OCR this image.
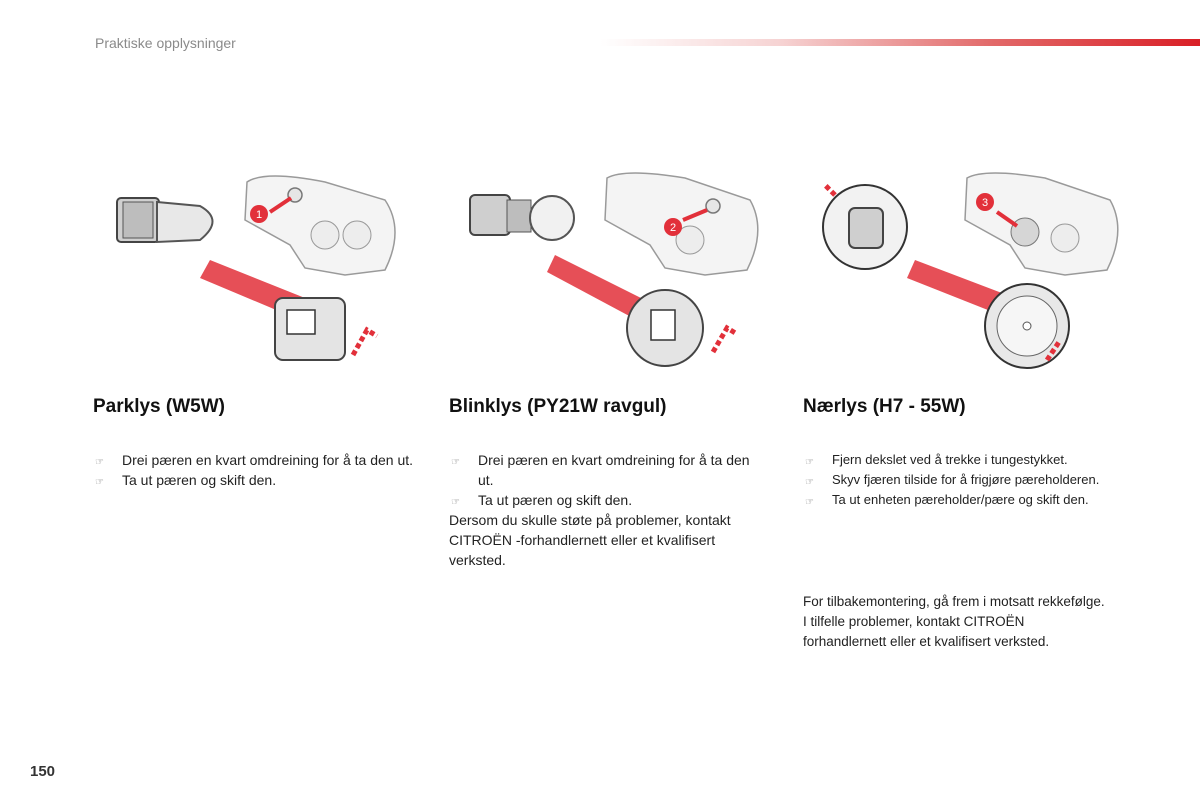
Praktiske opplysninger
1
2
3
Parklys (W5W)
☞ Drei pæren en kvart omdreining for å ta den ut.
☞ Ta ut pæren og skift den.
Blinklys (PY21W ravgul)
☞ Drei pæren en kvart omdreining for å ta den ut.
☞ Ta ut pæren og skift den.

Dersom du skulle støte på problemer, kontakt CITROËN -forhandlernett eller et kvalifisert verksted.

Nærlys (H7 - 55W)
☞ Fjern dekslet ved å trekke i tungestykket.
☞ Skyv fjæren tilside for å frigjøre pæreholderen.
☞ Ta ut enheten pæreholder/pære og skift den.

For tilbakemontering, gå frem i motsatt rekkefølge.

I tilfelle problemer, kontakt CITROËN

forhandlernett eller et kvalifisert verksted.

150
